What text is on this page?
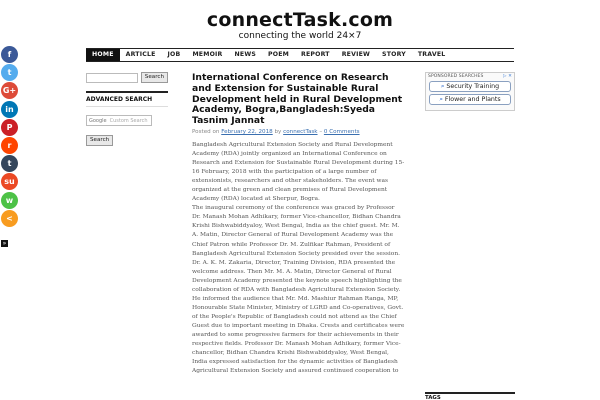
connectTask.com
connecting the world 24×7
HOME	ARTICLE	JOB	MEMOIR	NEWS	POEM	REPORT	REVIEW	STORY	TRAVEL
f
t
G+
in
P
r
t
su
w
<
»
Search
ADVANCED SEARCH
Google Custom Search
Search
International Conference on Research and Extension for Sustainable Rural Development held in Rural Development Academy, Bogra,Bangladesh:Syeda Tasnim Jannat
Posted on February 22, 2018 by connectTask – 0 Comments
Bangladesh Agricultural Extension Society and Rural Development Academy (RDA) jointly organized an International Conference on Research and Extension for Sustainable Rural Development during 15-16 February, 2018 with the participation of a large number of extensionists, researchers and other stakeholders. The event was organized at the green and clean premises of Rural Development Academy (RDA) located at Sherpur, Bogra.
The inaugural ceremony of the conference was graced by Professor Dr. Manash Mohan Adhikary, former Vice-chancellor, Bidhan Chandra Krishi Bishwabiddyaloy, West Bengal, India as the chief guest. Mr. M. A. Matin, Director General of Rural Development Academy was the Chief Patron while Professor Dr. M. Zulfikar Rahman, President of Bangladesh Agricultural Extension Society presided over the session. Dr. A. K. M. Zakaria, Director, Training Division, RDA presented the welcome address. Then Mr. M. A. Matin, Director General of Rural Development Academy presented the keynote speech highlighting the collaboration of RDA with Bangladesh Agricultural Extension Society. He informed the audience that Mr. Md. Mashiur Rahman Ranga, MP, Honourable State Minister, Ministry of LGRD and Co-operatives, Govt. of the People's Republic of Bangladesh could not attend as the Chief Guest due to important meeting in Dhaka. Crests and certificates were awarded to some progressive farmers for their achievements in their respective fields. Professor Dr. Manash Mohan Adhikary, former Vice-chancellor, Bidhan Chandra Krishi Bishwabiddyaloy, West Bengal, India expressed satisfaction for the dynamic activities of Bangladesh Agricultural Extension Society and assured continued cooperation to
SPONSORED SEARCHES	▷ ✕
⌕ Security Training
⌕ Flower and Plants
TAGS
